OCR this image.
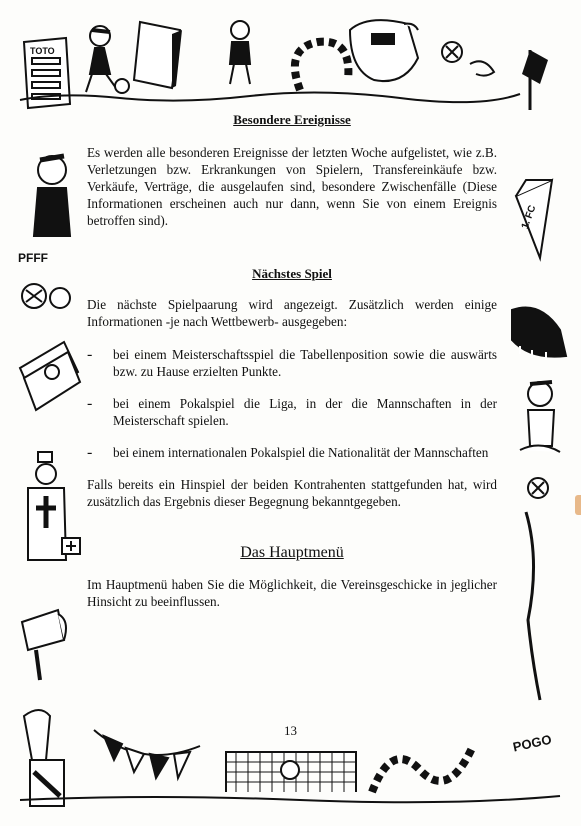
TOTO
PFFF
1. FC
POGO
Besondere Ereignisse

Es werden alle besonderen Ereignisse der letzten Woche aufgelistet, wie z.B. Verletzungen bzw. Erkrankungen von Spielern, Transfereinkäufe bzw. Verkäufe, Verträge, die ausgelaufen sind, besondere Zwischenfälle (Diese Informationen erscheinen auch nur dann, wenn Sie von einem Ereignis betroffen sind).

Nächstes Spiel

Die nächste Spielpaarung wird angezeigt. Zusätzlich werden einige Informationen -je nach Wettbewerb- ausgegeben:

- bei einem Meisterschaftsspiel die Tabellenposition sowie die auswärts bzw. zu Hause erzielten Punkte.

- bei einem Pokalspiel die Liga, in der die Mannschaften in der Meisterschaft spielen.

- bei einem internationalen Pokalspiel die Nationalität der Mannschaften

Falls bereits ein Hinspiel der beiden Kontrahenten stattgefunden hat, wird zusätzlich das Ergebnis dieser Begegnung bekanntgegeben.

Das Hauptmenü

Im Hauptmenü haben Sie die Möglichkeit, die Vereinsgeschicke in jeglicher Hinsicht zu beeinflussen.

13
